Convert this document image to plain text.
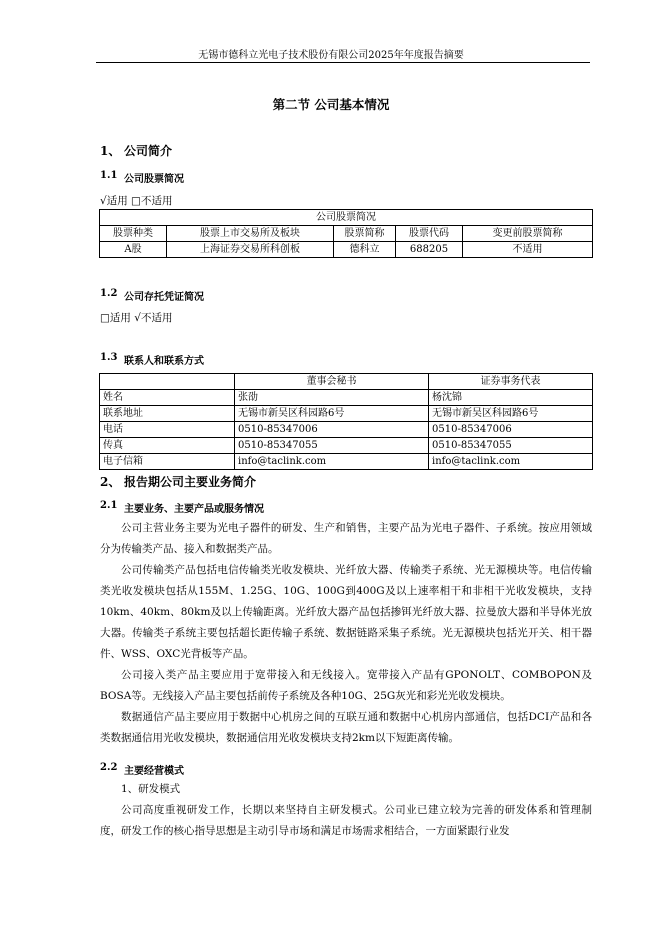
无锡市德科立光电子技术股份有限公司2025年年度报告摘要
第二节 公司基本情况
1、 公司简介
1.1 公司股票简况
√适用 □不适用
公司股票简况				
股票种类	股票上市交易所及板块	股票简称	股票代码	变更前股票简称
A股	上海证券交易所科创板	德科立	688205	不适用
1.2 公司存托凭证简况
□适用 √不适用
1.3 联系人和联系方式
	董事会秘书	证券事务代表
姓名	张劭	杨沈锦
联系地址	无锡市新吴区科园路6号	无锡市新吴区科园路6号
电话	0510-85347006	0510-85347006
传真	0510-85347055	0510-85347055
电子信箱	info@taclink.com	info@taclink.com
2、 报告期公司主要业务简介
2.1 主要业务、主要产品或服务情况

公司主营业务主要为光电子器件的研发、生产和销售，主要产品为光电子器件、子系统。按应用领域分为传输类产品、接入和数据类产品。

公司传输类产品包括电信传输类光收发模块、光纤放大器、传输类子系统、光无源模块等。电信传输类光收发模块包括从155M、1.25G、10G、100G到400G及以上速率相干和非相干光收发模块，支持10km、40km、80km及以上传输距离。光纤放大器产品包括掺铒光纤放大器、拉曼放大器和半导体光放大器。传输类子系统主要包括超长距传输子系统、数据链路采集子系统。光无源模块包括光开关、相干器件、WSS、OXC光背板等产品。

公司接入类产品主要应用于宽带接入和无线接入。宽带接入产品有GPONOLT、COMBOPON及BOSA等。无线接入产品主要包括前传子系统及各种10G、25G灰光和彩光光收发模块。

数据通信产品主要应用于数据中心机房之间的互联互通和数据中心机房内部通信，包括DCI产品和各类数据通信用光收发模块，数据通信用光收发模块支持2km以下短距离传输。

2.2 主要经营模式

1、研发模式

公司高度重视研发工作，长期以来坚持自主研发模式。公司业已建立较为完善的研发体系和管理制度，研发工作的核心指导思想是主动引导市场和满足市场需求相结合，一方面紧跟行业发
